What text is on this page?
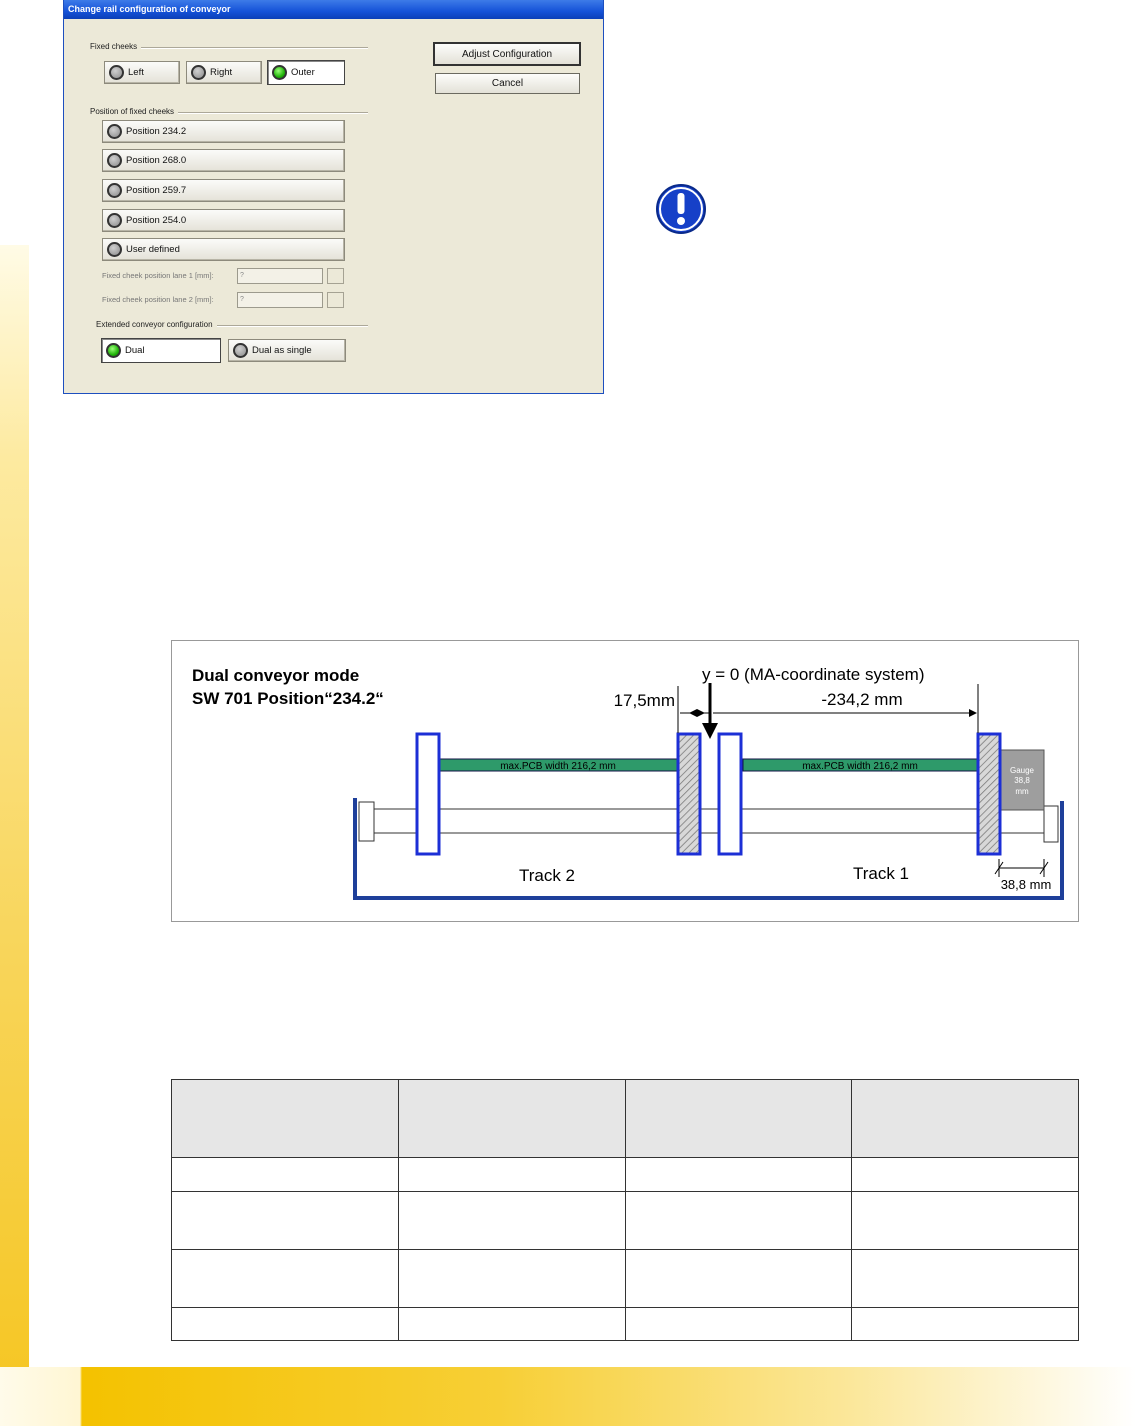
Change rail configuration of conveyor
Fixed cheeks
Left	Right	Outer
Position of fixed cheeks
Position 234.2
Position 268.0
Position 259.7
Position 254.0
User defined
Fixed cheek position lane 1 [mm]:	?
Fixed cheek position lane 2 [mm]:	?
Extended conveyor configuration
Dual	Dual as single
Adjust Configuration
Cancel
Dual conveyor mode
SW 701 Position“234.2“
max.PCB width 216,2 mm	max.PCB width 216,2 mm	Gauge
38,8
mm
y = 0 (MA-coordinate system)
17,5mm	-234,2 mm
38,8 mm
Track 2	Track 1
